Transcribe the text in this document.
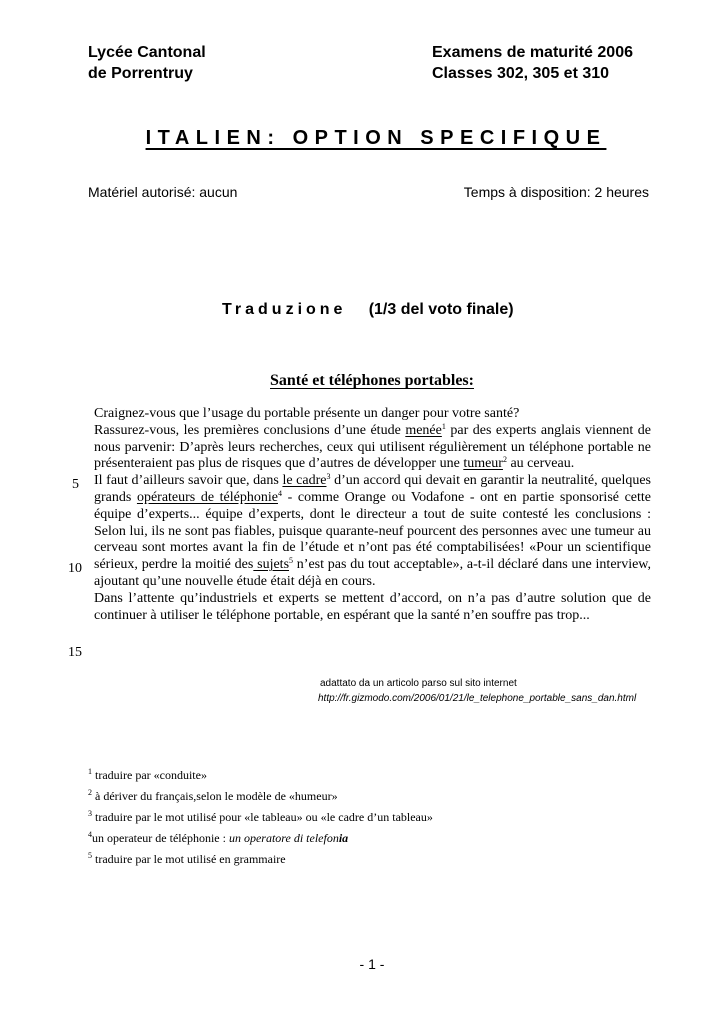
Lycée Cantonal
de Porrentruy
Examens de maturité 2006
Classes 302, 305 et 310
ITALIEN: OPTION SPECIFIQUE
Matériel autorisé: aucun	Temps à disposition: 2 heures
Traduzione (1/3 del voto finale)
Santé et téléphones portables:
5
10
15

Craignez-vous que l’usage du portable présente un danger pour votre santé?

Rassurez-vous, les premières conclusions d’une étude menée$^1$ par des experts anglais viennent de nous parvenir: D’après leurs recherches, ceux qui utilisent régulièrement un téléphone portable ne présenteraient pas plus de risques que d’autres de développer une tumeur$^2$ au cerveau.

Il faut d’ailleurs savoir que, dans le cadre$^3$ d’un accord qui devait en garantir la neutralité, quelques grands opérateurs de téléphonie$^4$ - comme Orange ou Vodafone - ont en partie sponsorisé cette équipe d’experts... équipe d’experts, dont le directeur a tout de suite contesté les conclusions : Selon lui, ils ne sont pas fiables, puisque quarante-neuf pourcent des personnes avec une tumeur au cerveau sont mortes avant la fin de l’étude et n’ont pas été comptabilisées! «Pour un scientifique sérieux, perdre la moitié des sujets$^5$ n’est pas du tout acceptable», a-t-il déclaré dans une interview, ajoutant qu’une nouvelle étude était déjà en cours.

Dans l’attente qu’industriels et experts se mettent d’accord, on n’a pas d’autre solution que de continuer à utiliser le téléphone portable, en espérant que la santé n’en souffre pas trop...

adattato da un articolo parso sul sito internet
http://fr.gizmodo.com/2006/01/21/le_telephone_portable_sans_dan.html
$^1$ traduire par «conduite»
$^2$ à dériver du français,selon le modèle de «humeur»
$^3$ traduire par le mot utilisé pour «le tableau» ou «le cadre d’un tableau»
$^4$un operateur de téléphonie : un operatore di telefonia
$^5$ traduire par le mot utilisé en grammaire
- 1 -
